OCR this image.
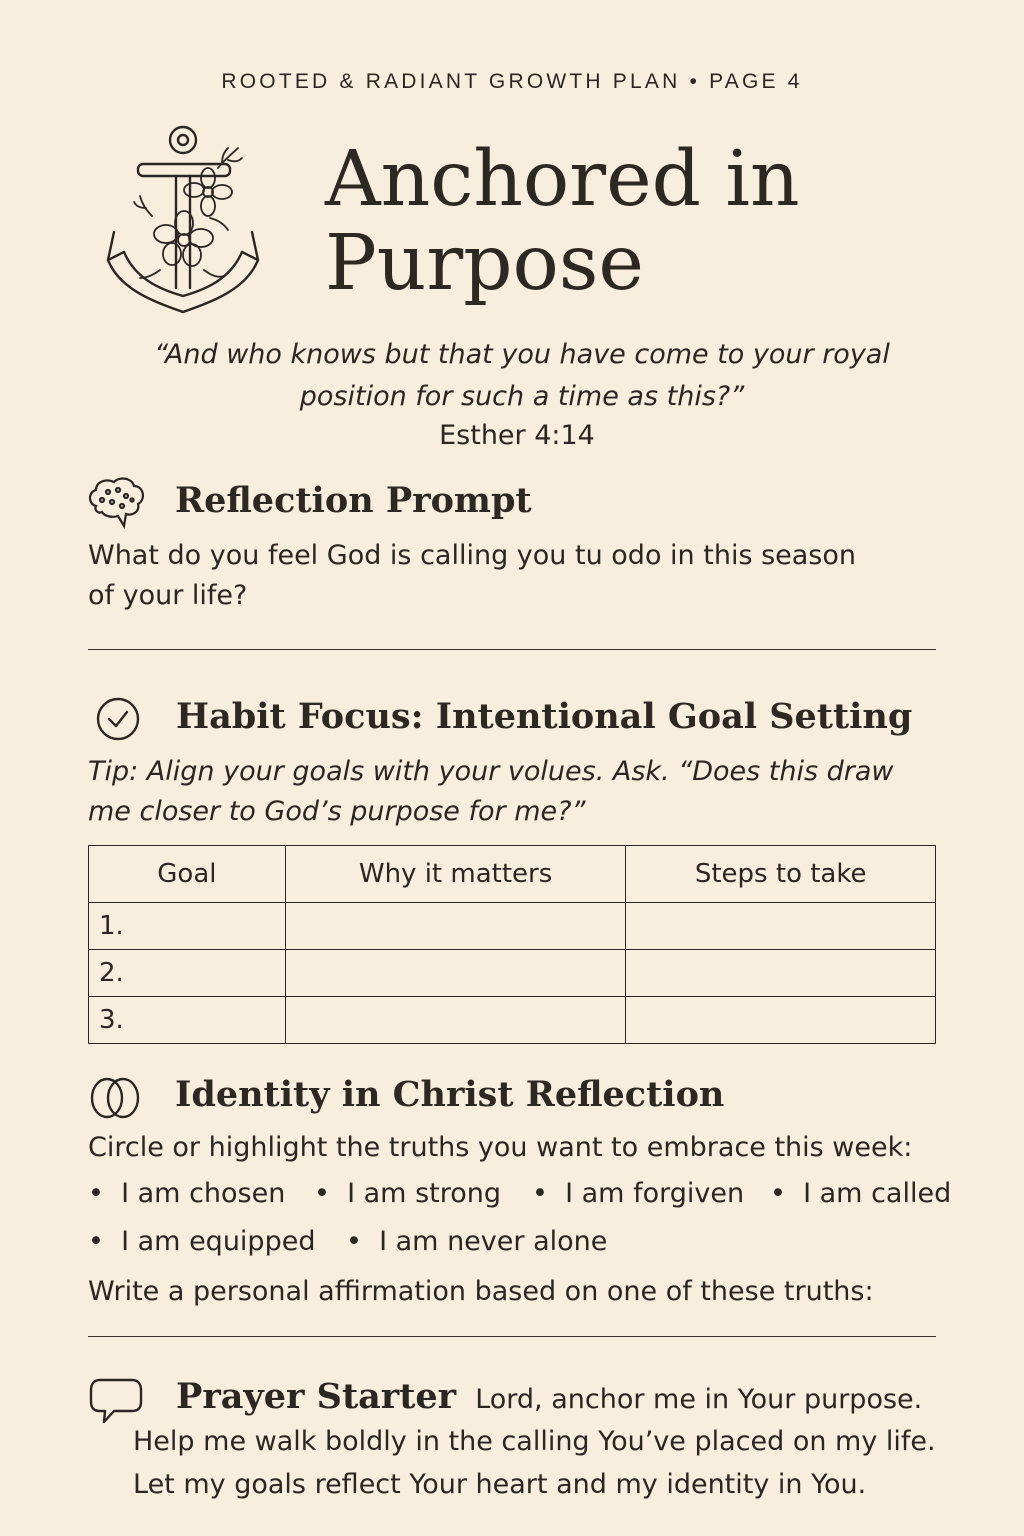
ROOTED & RADIANT GROWTH PLAN • PAGE 4
Anchored in
Purpose
“And who knows but that you have come to your royal
position for such a time as this?”
Esther 4:14
Reflection Prompt
What do you feel God is calling you tu odo in this season
of your life?
Habit Focus: Intentional Goal Setting
Tip: Align your goals with your volues. Ask. “Does this draw
me closer to God’s purpose for me?”
Goal	Why it matters	Steps to take
1.		
2.		
3.		
Identity in Christ Reflection
Circle or highlight the truths you want to embrace this week:
•  I am chosen •  I am strong •  I am forgiven •  I am called
•  I am equipped •  I am never alone
Write a personal affirmation based on one of these truths:
Prayer Starter Lord, anchor me in Your purpose.
Help me walk boldly in the calling You’ve placed on my life.
Let my goals reflect Your heart and my identity in You.
